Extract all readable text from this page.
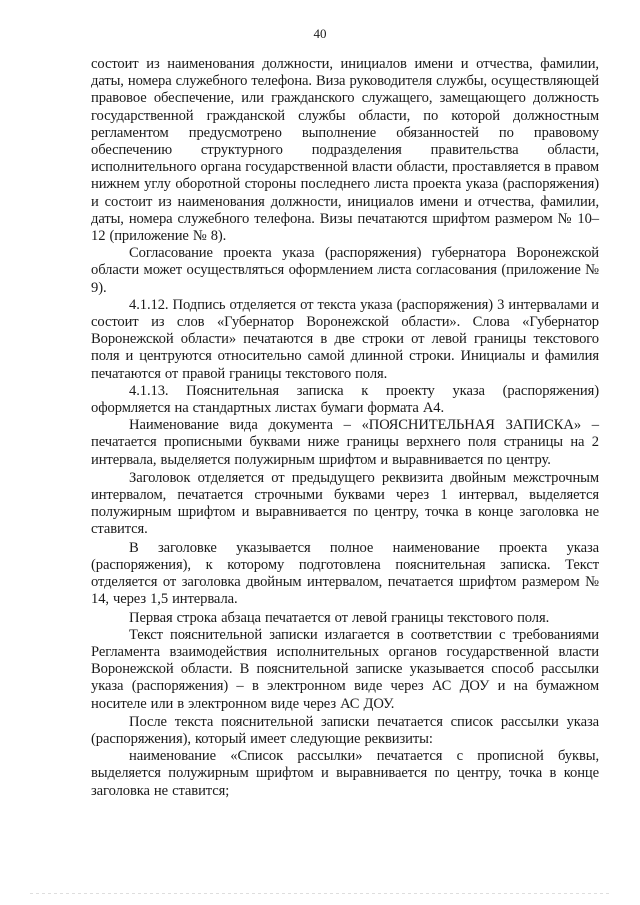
40

состоит из наименования должности, инициалов имени и отчества, фамилии, даты, номера служебного телефона. Виза руководителя службы, осуществляющей правовое обеспечение, или гражданского служащего, замещающего должность государственной гражданской службы области, по которой должностным регламентом предусмотрено выполнение обязанностей по правовому обеспечению структурного подразделения правительства области, исполнительного органа государственной власти области, проставляется в правом нижнем углу оборотной стороны последнего листа проекта указа (распоряжения) и состоит из наименования должности, инициалов имени и отчества, фамилии, даты, номера служебного телефона. Визы печатаются шрифтом размером № 10–12 (приложение № 8).

Согласование проекта указа (распоряжения) губернатора Воронежской области может осуществляться оформлением листа согласования (приложение № 9).

4.1.12. Подпись отделяется от текста указа (распоряжения) 3 интервалами и состоит из слов «Губернатор Воронежской области». Слова «Губернатор Воронежской области» печатаются в две строки от левой границы текстового поля и центруются относительно самой длинной строки. Инициалы и фамилия печатаются от правой границы текстового поля.

4.1.13. Пояснительная записка к проекту указа (распоряжения) оформляется на стандартных листах бумаги формата А4.

Наименование вида документа – «ПОЯСНИТЕЛЬНАЯ ЗАПИСКА» – печатается прописными буквами ниже границы верхнего поля страницы на 2 интервала, выделяется полужирным шрифтом и выравнивается по центру.

Заголовок отделяется от предыдущего реквизита двойным межстрочным интервалом, печатается строчными буквами через 1 интервал, выделяется полужирным шрифтом и выравнивается по центру, точка в конце заголовка не ставится.

В заголовке указывается полное наименование проекта указа (распоряжения), к которому подготовлена пояснительная записка. Текст отделяется от заголовка двойным интервалом, печатается шрифтом размером № 14, через 1,5 интервала.

Первая строка абзаца печатается от левой границы текстового поля.

Текст пояснительной записки излагается в соответствии с требованиями Регламента взаимодействия исполнительных органов государственной власти Воронежской области. В пояснительной записке указывается способ рассылки указа (распоряжения) – в электронном виде через АС ДОУ и на бумажном носителе или в электронном виде через АС ДОУ.

После текста пояснительной записки печатается список рассылки указа (распоряжения), который имеет следующие реквизиты:

наименование «Список рассылки» печатается с прописной буквы, выделяется полужирным шрифтом и выравнивается по центру, точка в конце заголовка не ставится;
